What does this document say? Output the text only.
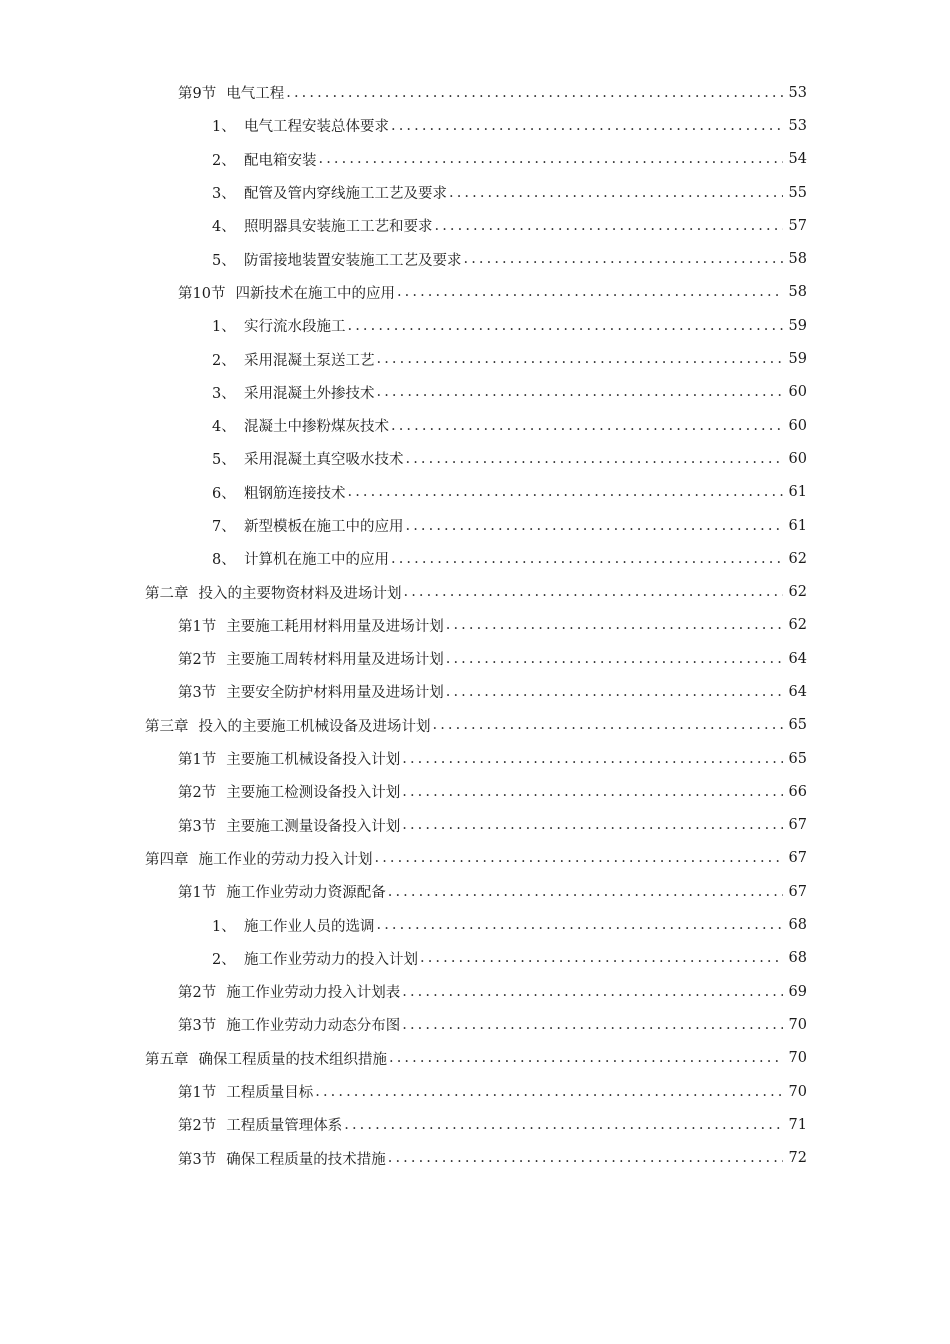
第9节 电气工程 .....	53
1、 电气工程安装总体要求 .....	53
2、 配电箱安装 .....	54
3、 配管及管内穿线施工工艺及要求 .....	55
4、 照明器具安装施工工艺和要求 .....	57
5、 防雷接地装置安装施工工艺及要求 .....	58
第10节 四新技术在施工中的应用 .....	58
1、 实行流水段施工 .....	59
2、 采用混凝土泵送工艺 .....	59
3、 采用混凝土外掺技术 .....	60
4、 混凝土中掺粉煤灰技术 .....	60
5、 采用混凝土真空吸水技术 .....	60
6、 粗钢筋连接技术 .....	61
7、 新型模板在施工中的应用 .....	61
8、 计算机在施工中的应用 .....	62
第二章 投入的主要物资材料及进场计划 .....	62
第1节 主要施工耗用材料用量及进场计划 .....	62
第2节 主要施工周转材料用量及进场计划 .....	64
第3节 主要安全防护材料用量及进场计划 .....	64
第三章 投入的主要施工机械设备及进场计划 .....	65
第1节 主要施工机械设备投入计划 .....	65
第2节 主要施工检测设备投入计划 .....	66
第3节 主要施工测量设备投入计划 .....	67
第四章 施工作业的劳动力投入计划 .....	67
第1节 施工作业劳动力资源配备 .....	67
1、 施工作业人员的选调 .....	68
2、 施工作业劳动力的投入计划 .....	68
第2节 施工作业劳动力投入计划表 .....	69
第3节 施工作业劳动力动态分布图 .....	70
第五章 确保工程质量的技术组织措施 .....	70
第1节 工程质量目标 .....	70
第2节 工程质量管理体系 .....	71
第3节 确保工程质量的技术措施 .....	72
